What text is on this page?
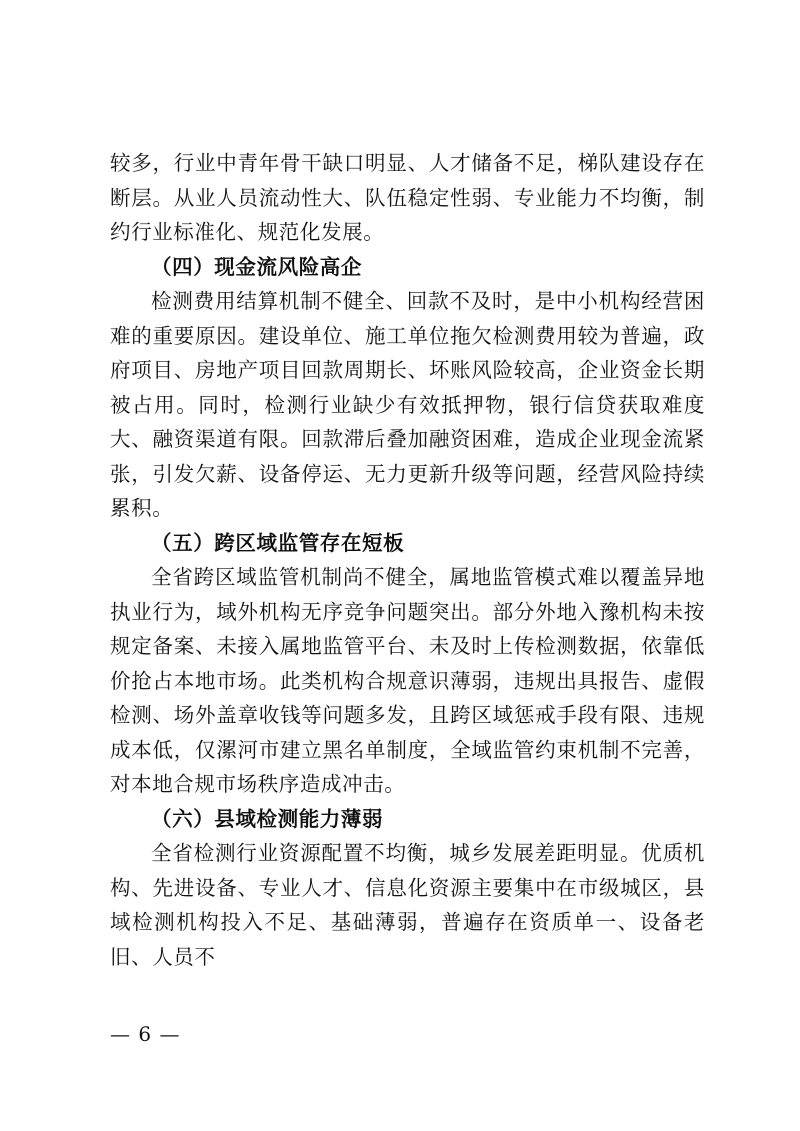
较多，行业中青年骨干缺口明显、人才储备不足，梯队建设存在断层。从业人员流动性大、队伍稳定性弱、专业能力不均衡，制约行业标准化、规范化发展。

（四）现金流风险高企

检测费用结算机制不健全、回款不及时，是中小机构经营困难的重要原因。建设单位、施工单位拖欠检测费用较为普遍，政府项目、房地产项目回款周期长、坏账风险较高，企业资金长期被占用。同时，检测行业缺少有效抵押物，银行信贷获取难度大、融资渠道有限。回款滞后叠加融资困难，造成企业现金流紧张，引发欠薪、设备停运、无力更新升级等问题，经营风险持续累积。

（五）跨区域监管存在短板

全省跨区域监管机制尚不健全，属地监管模式难以覆盖异地执业行为，域外机构无序竞争问题突出。部分外地入豫机构未按规定备案、未接入属地监管平台、未及时上传检测数据，依靠低价抢占本地市场。此类机构合规意识薄弱，违规出具报告、虚假检测、场外盖章收钱等问题多发，且跨区域惩戒手段有限、违规成本低，仅漯河市建立黑名单制度，全域监管约束机制不完善，对本地合规市场秩序造成冲击。

（六）县域检测能力薄弱

全省检测行业资源配置不均衡，城乡发展差距明显。优质机构、先进设备、专业人才、信息化资源主要集中在市级城区，县域检测机构投入不足、基础薄弱，普遍存在资质单一、设备老旧、人员不

— 6 —
